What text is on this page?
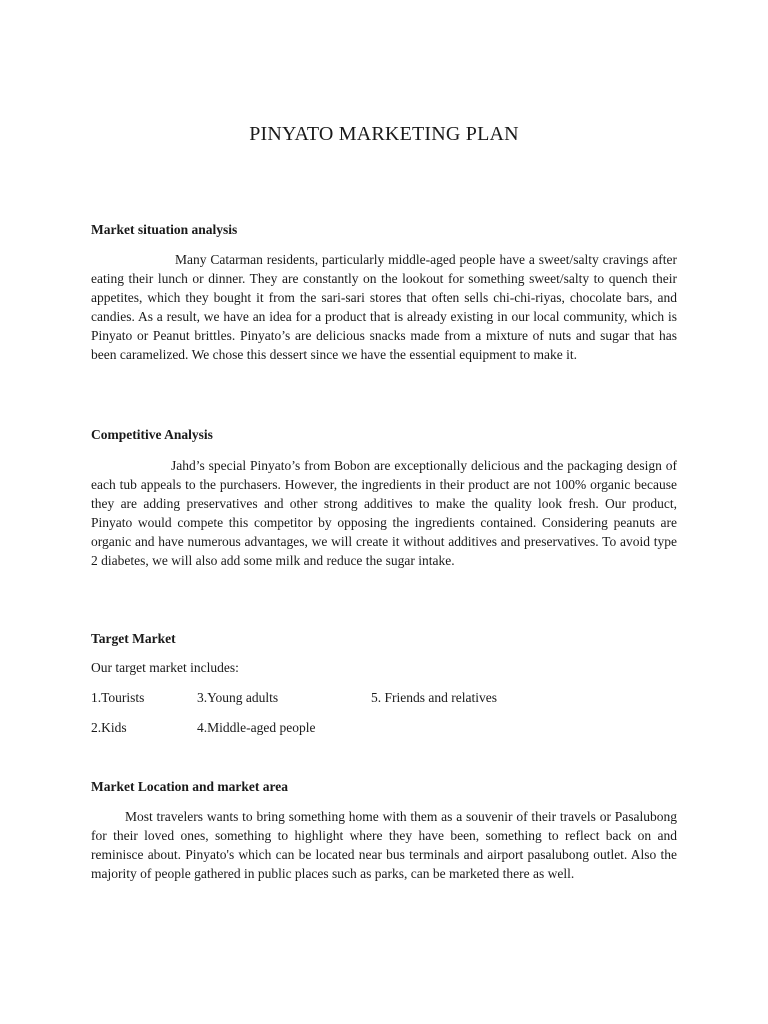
PINYATO MARKETING PLAN
Market situation analysis

Many Catarman residents, particularly middle-aged people have a sweet/salty cravings after eating their lunch or dinner. They are constantly on the lookout for something sweet/salty to quench their appetites, which they bought it from the sari-sari stores that often sells chi-chi-riyas, chocolate bars, and candies. As a result, we have an idea for a product that is already existing in our local community, which is Pinyato or Peanut brittles. Pinyato’s are delicious snacks made from a mixture of nuts and sugar that has been caramelized. We chose this dessert since we have the essential equipment to make it.

Competitive Analysis

Jahd’s special Pinyato’s from Bobon are exceptionally delicious and the packaging design of each tub appeals to the purchasers. However, the ingredients in their product are not 100% organic because they are adding preservatives and other strong additives to make the quality look fresh. Our product, Pinyato would compete this competitor by opposing the ingredients contained. Considering peanuts are organic and have numerous advantages, we will create it without additives and preservatives. To avoid type 2 diabetes, we will also add some milk and reduce the sugar intake.

Target Market

Our target market includes:

1.Tourists	3.Young adults	5. Friends and relatives
2.Kids	4.Middle-aged people
Market Location and market area

Most travelers wants to bring something home with them as a souvenir of their travels or Pasalubong for their loved ones, something to highlight where they have been, something to reflect back on and reminisce about. Pinyato's which can be located near bus terminals and airport pasalubong outlet. Also the majority of people gathered in public places such as parks, can be marketed there as well.
